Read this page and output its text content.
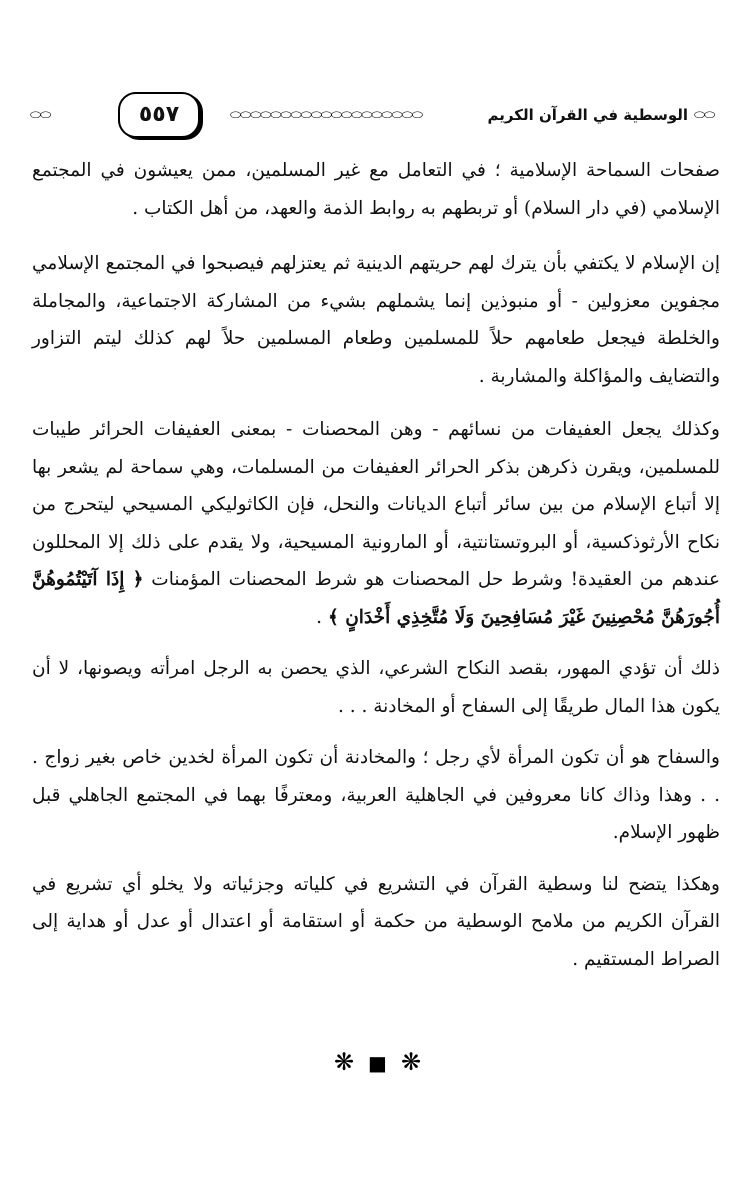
⬭⬭	٥٥٧	⬭⬭⬭⬭⬭⬭⬭⬭⬭⬭⬭⬭⬭⬭⬭⬭⬭⬭⬭	الوسطية في القرآن الكريم ⬭⬭

صفحات السماحة الإسلامية ؛ في التعامل مع غير المسلمين، ممن يعيشون في المجتمع الإسلامي (في دار السلام) أو تربطهم به روابط الذمة والعهد، من أهل الكتاب .

إن الإسلام لا يكتفي بأن يترك لهم حريتهم الدينية ثم يعتزلهم فيصبحوا في المجتمع الإسلامي مجفوين معزولين - أو منبوذين إنما يشملهم بشيء من المشاركة الاجتماعية، والمجاملة والخلطة فيجعل طعامهم حلاً للمسلمين وطعام المسلمين حلاً لهم كذلك ليتم التزاور والتضايف والمؤاكلة والمشاربة .

وكذلك يجعل العفيفات من نسائهم - وهن المحصنات - بمعنى العفيفات الحرائر طيبات للمسلمين، ويقرن ذكرهن بذكر الحرائر العفيفات من المسلمات، وهي سماحة لم يشعر بها إلا أتباع الإسلام من بين سائر أتباع الديانات والنحل، فإن الكاثوليكي المسيحي ليتحرج من نكاح الأرثوذكسية، أو البروتستانتية، أو المارونية المسيحية، ولا يقدم على ذلك إلا المحللون عندهم من العقيدة! وشرط حل المحصنات هو شرط المحصنات المؤمنات ﴿ إِذَا آتَيْتُمُوهُنَّ أُجُورَهُنَّ مُحْصِنِينَ غَيْرَ مُسَافِحِينَ وَلَا مُتَّخِذِي أَخْدَانٍ ﴾ .

ذلك أن تؤدي المهور، بقصد النكاح الشرعي، الذي يحصن به الرجل امرأته ويصونها، لا أن يكون هذا المال طريقًا إلى السفاح أو المخادنة . . .

والسفاح هو أن تكون المرأة لأي رجل ؛ والمخادنة أن تكون المرأة لخدين خاص بغير زواج . . . وهذا وذاك كانا معروفين في الجاهلية العربية، ومعترفًا بهما في المجتمع الجاهلي قبل ظهور الإسلام.

وهكذا يتضح لنا وسطية القرآن في التشريع في كلياته وجزئياته ولا يخلو أي تشريع في القرآن الكريم من ملامح الوسطية من حكمة أو استقامة أو اعتدال أو عدل أو هداية إلى الصراط المستقيم .

❋ ■ ❋
